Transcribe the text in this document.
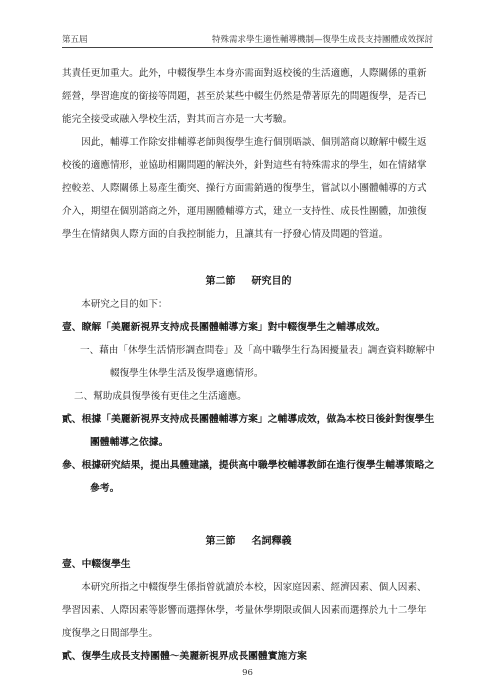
第五屆	特殊需求學生適性輔導機制—復學生成長支持團體成效探討

其責任更加重大。此外，中輟復學生本身亦需面對返校後的生活適應，人際關係的重新經營，學習進度的銜接等問題，甚至於某些中輟生仍然是帶著原先的問題復學，是否已能完全接受或融入學校生活，對其而言亦是一大考驗。

因此，輔導工作除安排輔導老師與復學生進行個別晤談、個別諮商以瞭解中輟生返校後的適應情形，並協助相關問題的解決外，針對這些有特殊需求的學生，如在情緒掌控較差、人際關係上易產生衝突、操行方面需銷過的復學生，嘗試以小團體輔導的方式介入，期望在個別諮商之外，運用團體輔導方式，建立一支持性、成長性團體，加強復學生在情緒與人際方面的自我控制能力，且讓其有一抒發心情及問題的管道。

第二節 研究目的

本研究之目的如下：

壹、瞭解「美麗新視界支持成長團體輔導方案」對中輟復學生之輔導成效。
一、藉由「休學生活情形調查問卷」及「高中職學生行為困擾量表」調查資料瞭解中輟復學生休學生活及復學適應情形。
二、幫助成員復學後有更佳之生活適應。
貳、根據「美麗新視界支持成長團體輔導方案」之輔導成效，做為本校日後針對復學生團體輔導之依據。
參、根據研究結果，提出具體建議，提供高中職學校輔導教師在進行復學生輔導策略之參考。
第三節 名詞釋義
壹、中輟復學生

本研究所指之中輟復學生係指曾就讀於本校，因家庭因素、經濟因素、個人因素、學習因素、人際因素等影響而選擇休學，考量休學期限或個人因素而選擇於九十二學年度復學之日間部學生。

貳、復學生成長支持團體～美麗新視界成長團體實施方案
96
